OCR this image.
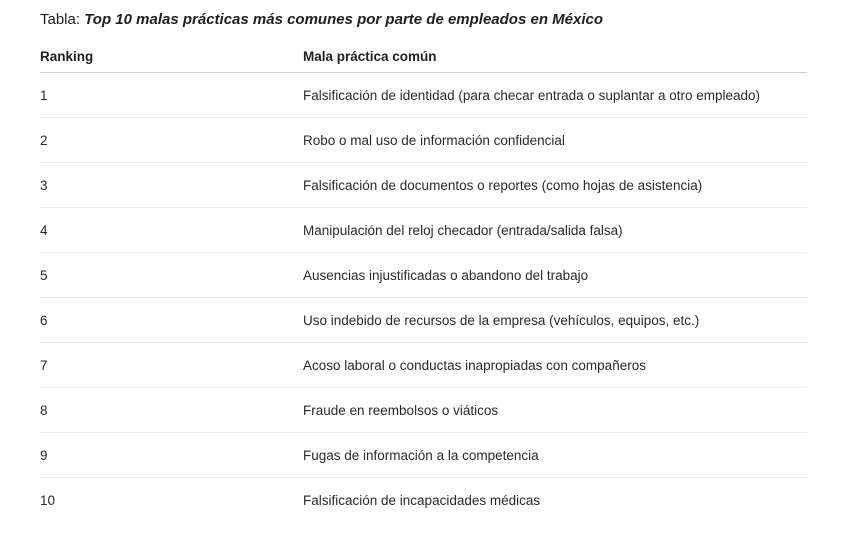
Tabla: Top 10 malas prácticas más comunes por parte de empleados en México
Ranking	Mala práctica común
1	Falsificación de identidad (para checar entrada o suplantar a otro empleado)
2	Robo o mal uso de información confidencial
3	Falsificación de documentos o reportes (como hojas de asistencia)
4	Manipulación del reloj checador (entrada/salida falsa)
5	Ausencias injustificadas o abandono del trabajo
6	Uso indebido de recursos de la empresa (vehículos, equipos, etc.)
7	Acoso laboral o conductas inapropiadas con compañeros
8	Fraude en reembolsos o viáticos
9	Fugas de información a la competencia
10	Falsificación de incapacidades médicas
